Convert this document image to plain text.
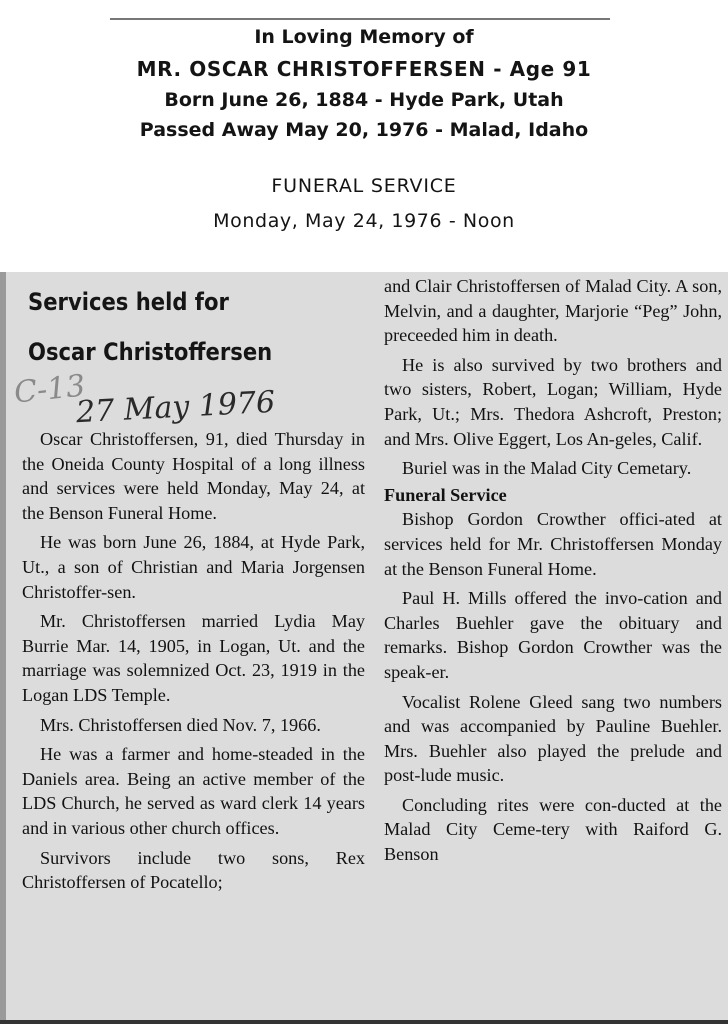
In Loving Memory of
MR. OSCAR CHRISTOFFERSEN - Age 91
Born June 26, 1884 - Hyde Park, Utah
Passed Away May 20, 1976 - Malad, Idaho
FUNERAL SERVICE
Monday, May 24, 1976 - Noon
Services held for
Oscar Christoffersen
C-13
27 May 1976

Oscar Christoffersen, 91, died Thursday in the Oneida County Hospital of a long illness and services were held Monday, May 24, at the Benson Funeral Home.

He was born June 26, 1884, at Hyde Park, Ut., a son of Christian and Maria Jorgensen Christoffer-sen.

Mr. Christoffersen married Lydia May Burrie Mar. 14, 1905, in Logan, Ut. and the marriage was solemnized Oct. 23, 1919 in the Logan LDS Temple.

Mrs. Christoffersen died Nov. 7, 1966.

He was a farmer and home-steaded in the Daniels area. Being an active member of the LDS Church, he served as ward clerk 14 years and in various other church offices.

Survivors include two sons, Rex Christoffersen of Pocatello;

and Clair Christoffersen of Malad City. A son, Melvin, and a daughter, Marjorie “Peg” John, preceeded him in death.

He is also survived by two brothers and two sisters, Robert, Logan; William, Hyde Park, Ut.; Mrs. Thedora Ashcroft, Preston; and Mrs. Olive Eggert, Los An-geles, Calif.

Buriel was in the Malad City Cemetary.

Funeral Service

Bishop Gordon Crowther offici-ated at services held for Mr. Christoffersen Monday at the Benson Funeral Home.

Paul H. Mills offered the invo-cation and Charles Buehler gave the obituary and remarks. Bishop Gordon Crowther was the speak-er.

Vocalist Rolene Gleed sang two numbers and was accompanied by Pauline Buehler. Mrs. Buehler also played the prelude and post-lude music.

Concluding rites were con-ducted at the Malad City Ceme-tery with Raiford G. Benson
